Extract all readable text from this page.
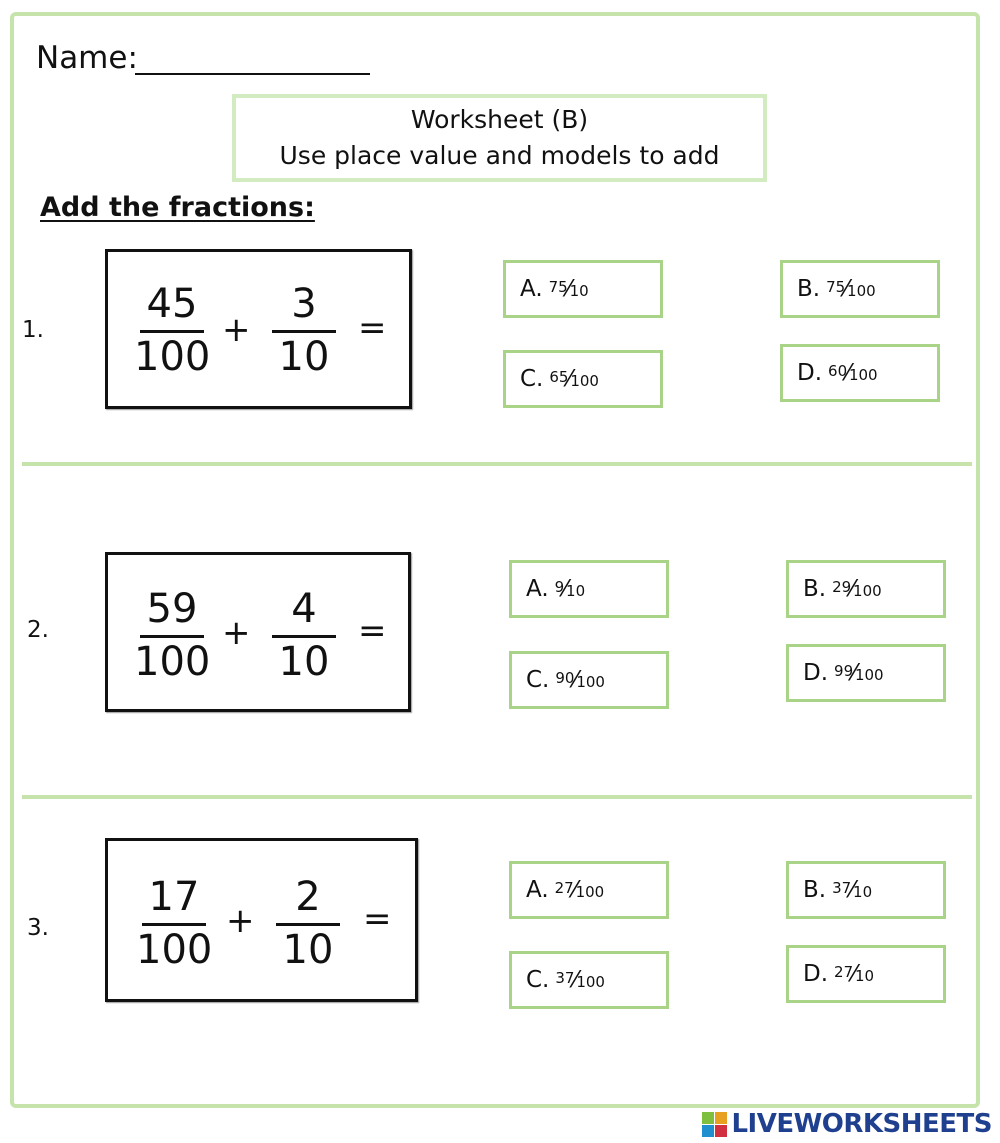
Name:
Worksheet (B)
Use place value and models to add
Add the fractions:
1.
45
100
+
3
10
=
A. $^{75}$ $⁄_{10}$	B. $^{75}$ $⁄_{100}$
C. $^{65}$ $⁄_{100}$	D. $^{60}$ $⁄_{100}$
2.	59
100
+
4
10
=
A. $^9$ $⁄_{10}$	B. $^{29}$ $⁄_{100}$
C. $^{90}$ $⁄_{100}$	D. $^{99}$ $⁄_{100}$
3.
17
100
+
2
10
=
A. $^{27}$ $⁄_{100}$	B. $^{37}$ $⁄_{10}$
C. $^{37}$ $⁄_{100}$	D. $^{27}$ $⁄_{10}$
LIVEWORKSHEETS
